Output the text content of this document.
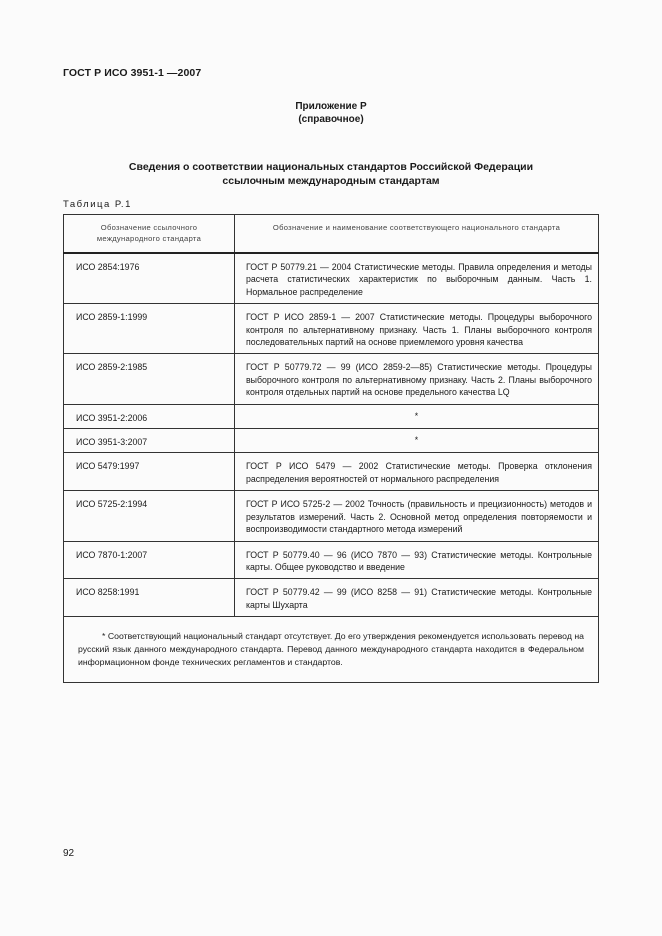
ГОСТ Р ИСО 3951-1 —2007
Приложение Р
(справочное)
Сведения о соответствии национальных стандартов Российской Федерации
ссылочным международным стандартам
Таблица Р.1
Обозначение ссылочного международного стандарта	Обозначение и наименование соответствующего национального стандарта
ИСО 2854:1976	ГОСТ Р 50779.21 — 2004 Статистические методы. Правила определения и методы расчета статистических характеристик по выборочным данным. Часть 1. Нормальное распределение
ИСО 2859-1:1999	ГОСТ Р ИСО 2859-1 — 2007 Статистические методы. Процедуры выборочного контроля по альтернативному признаку. Часть 1. Планы выборочного контроля последовательных партий на основе приемлемого уровня качества
ИСО 2859-2:1985	ГОСТ Р 50779.72 — 99 (ИСО 2859-2—85) Статистические методы. Процедуры выборочного контроля по альтернативному признаку. Часть 2. Планы выборочного контроля отдельных партий на основе предельного качества LQ
ИСО 3951-2:2006	*
ИСО 3951-3:2007	*
ИСО 5479:1997	ГОСТ Р ИСО 5479 — 2002 Статистические методы. Проверка отклонения распределения вероятностей от нормального распределения
ИСО 5725-2:1994	ГОСТ Р ИСО 5725-2 — 2002 Точность (правильность и прецизионность) методов и результатов измерений. Часть 2. Основной метод определения повторяемости и воспроизводимости стандартного метода измерений
ИСО 7870-1:2007	ГОСТ Р 50779.40 — 96 (ИСО 7870 — 93) Статистические методы. Контрольные карты. Общее руководство и введение
ИСО 8258:1991	ГОСТ Р 50779.42 — 99 (ИСО 8258 — 91) Статистические методы. Контрольные карты Шухарта
* Соответствующий национальный стандарт отсутствует. До его утверждения рекомендуется использовать перевод на русский язык данного международного стандарта. Перевод данного международного стандарта находится в Федеральном информационном фонде технических регламентов и стандартов.	
92
